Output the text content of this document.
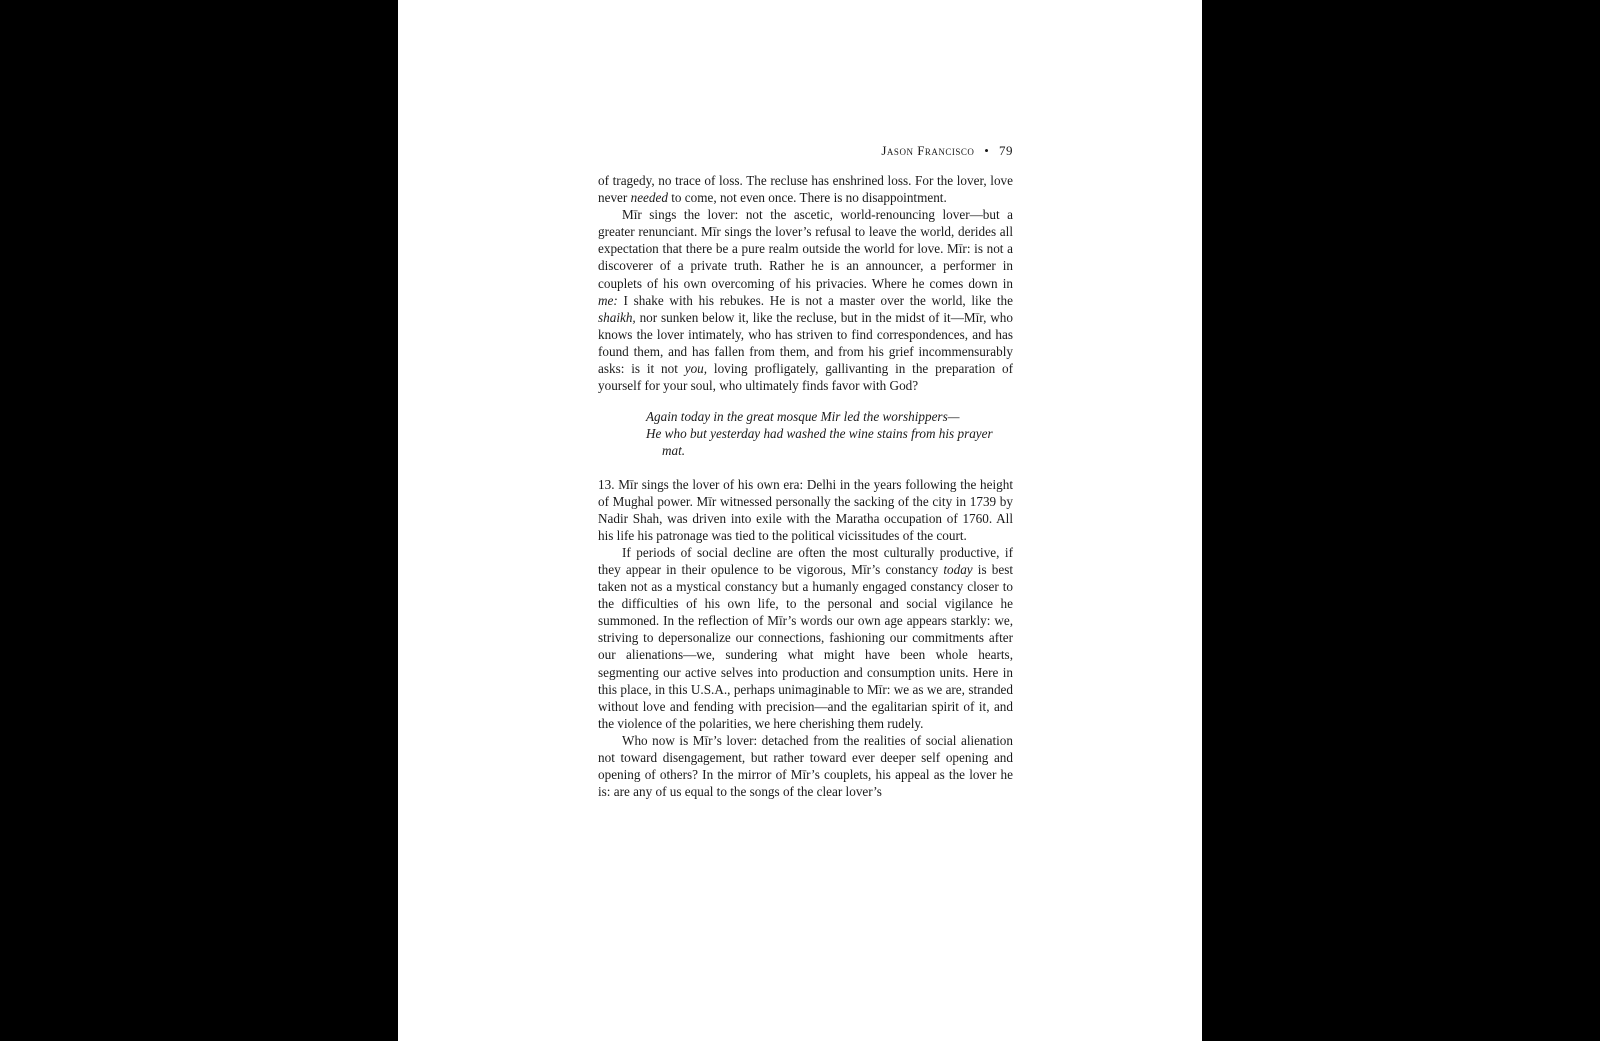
Jason Francisco • 79

of tragedy, no trace of loss. The recluse has enshrined loss. For the lover, love never needed to come, not even once. There is no disappointment.

Mīr sings the lover: not the ascetic, world-renouncing lover—but a greater renunciant. Mīr sings the lover’s refusal to leave the world, derides all expectation that there be a pure realm outside the world for love. Mīr: is not a discoverer of a private truth. Rather he is an announcer, a performer in couplets of his own overcoming of his privacies. Where he comes down in me: I shake with his rebukes. He is not a master over the world, like the shaikh, nor sunken below it, like the recluse, but in the midst of it—Mīr, who knows the lover intimately, who has striven to find correspondences, and has found them, and has fallen from them, and from his grief incommensurably asks: is it not you, loving profligately, gallivanting in the preparation of yourself for your soul, who ultimately finds favor with God?

Again today in the great mosque Mir led the worshippers—
He who but yesterday had washed the wine stains from his prayer
mat.

13. Mīr sings the lover of his own era: Delhi in the years following the height of Mughal power. Mīr witnessed personally the sacking of the city in 1739 by Nadir Shah, was driven into exile with the Maratha occupation of 1760. All his life his patronage was tied to the political vicissitudes of the court.

If periods of social decline are often the most culturally productive, if they appear in their opulence to be vigorous, Mīr’s constancy today is best taken not as a mystical constancy but a humanly engaged constancy closer to the difficulties of his own life, to the personal and social vigilance he summoned. In the reflection of Mīr’s words our own age appears starkly: we, striving to depersonalize our connections, fashioning our commitments after our alienations—we, sundering what might have been whole hearts, segmenting our active selves into production and consumption units. Here in this place, in this U.S.A., perhaps unimaginable to Mīr: we as we are, stranded without love and fending with precision—and the egalitarian spirit of it, and the violence of the polarities, we here cherishing them rudely.

Who now is Mīr’s lover: detached from the realities of social alienation not toward disengagement, but rather toward ever deeper self opening and opening of others? In the mirror of Mīr’s couplets, his appeal as the lover he is: are any of us equal to the songs of the clear lover’s
